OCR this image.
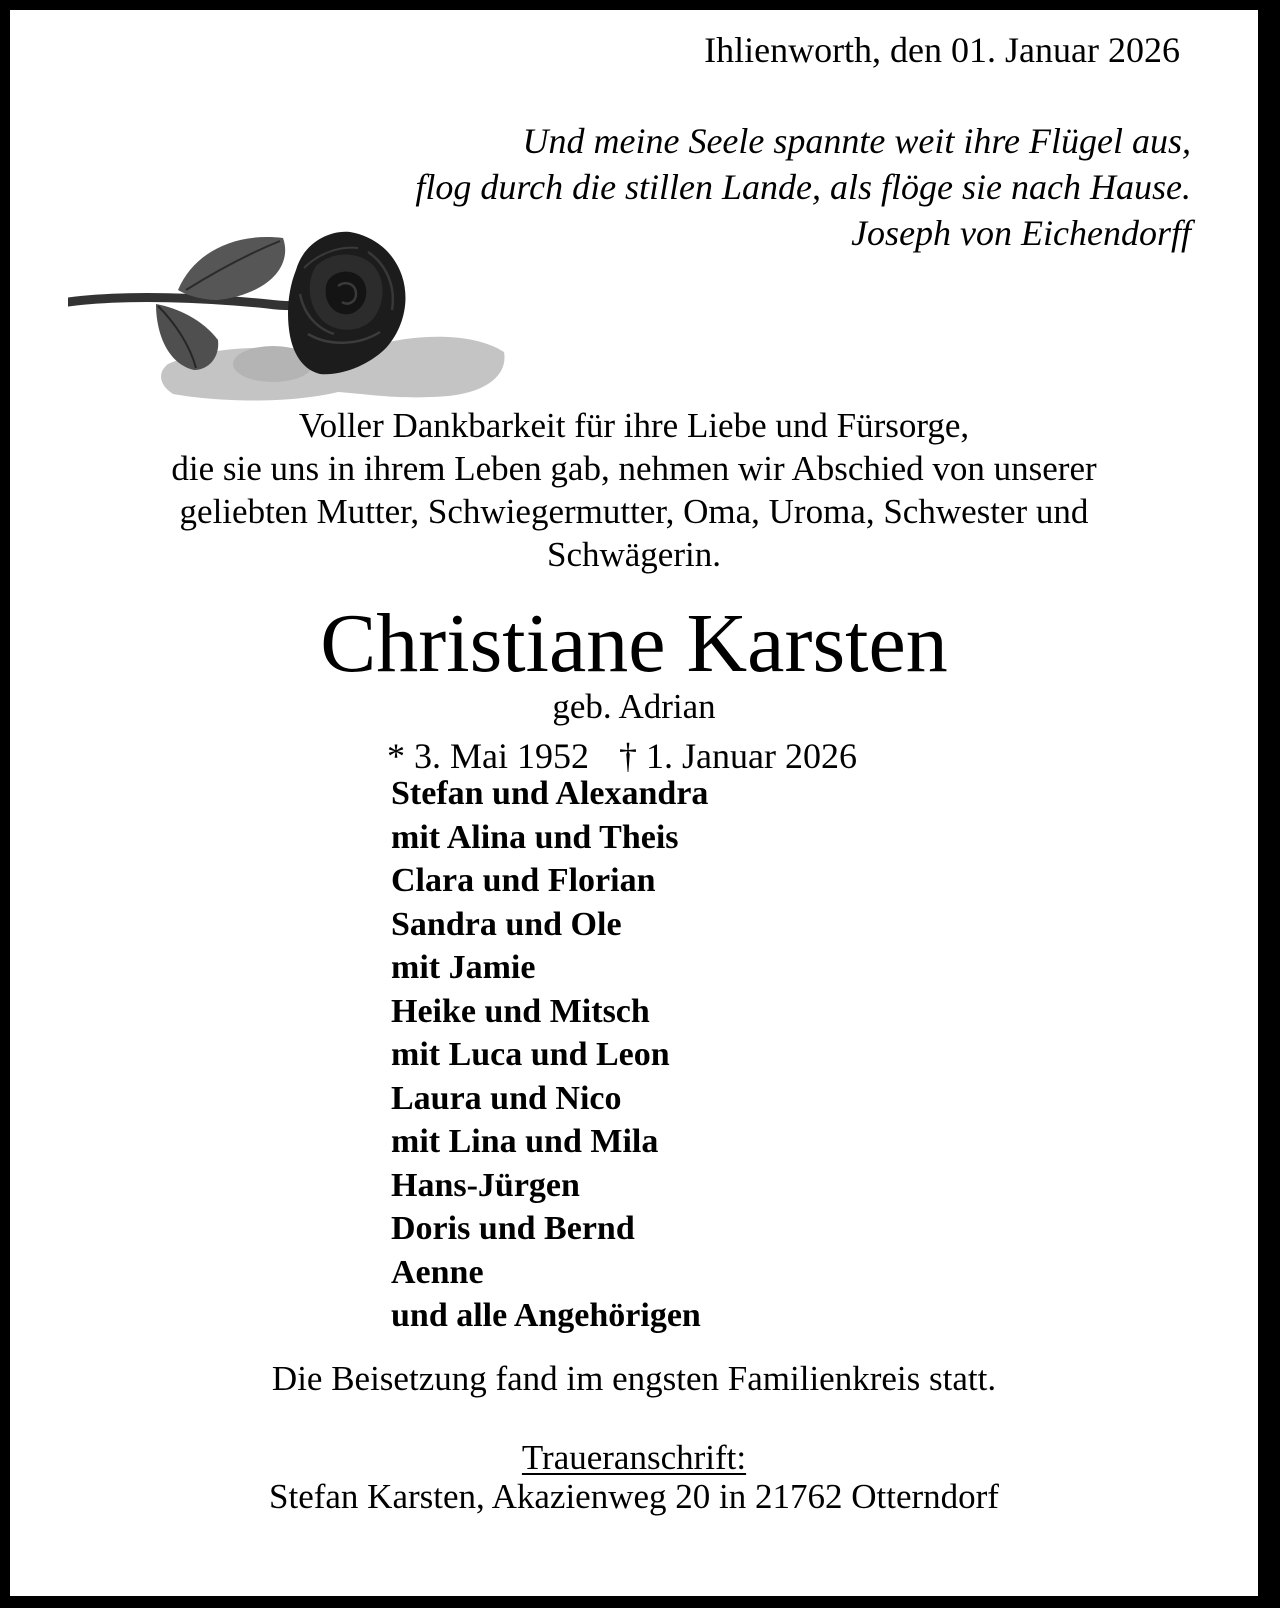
Ihlienworth, den 01. Januar 2026
Und meine Seele spannte weit ihre Flügel aus,
flog durch die stillen Lande, als flöge sie nach Hause.
Joseph von Eichendorff
Voller Dankbarkeit für ihre Liebe und Fürsorge,
die sie uns in ihrem Leben gab, nehmen wir Abschied von unserer
geliebten Mutter, Schwiegermutter, Oma, Uroma, Schwester und
Schwägerin.
Christiane Karsten
geb. Adrian
* 3. Mai 1952 † 1. Januar 2026
Stefan und Alexandra
mit Alina und Theis
Clara und Florian
Sandra und Ole
mit Jamie
Heike und Mitsch
mit Luca und Leon
Laura und Nico
mit Lina und Mila
Hans-Jürgen
Doris und Bernd
Aenne
und alle Angehörigen
Die Beisetzung fand im engsten Familienkreis statt.
Traueranschrift:
Stefan Karsten, Akazienweg 20 in 21762 Otterndorf
